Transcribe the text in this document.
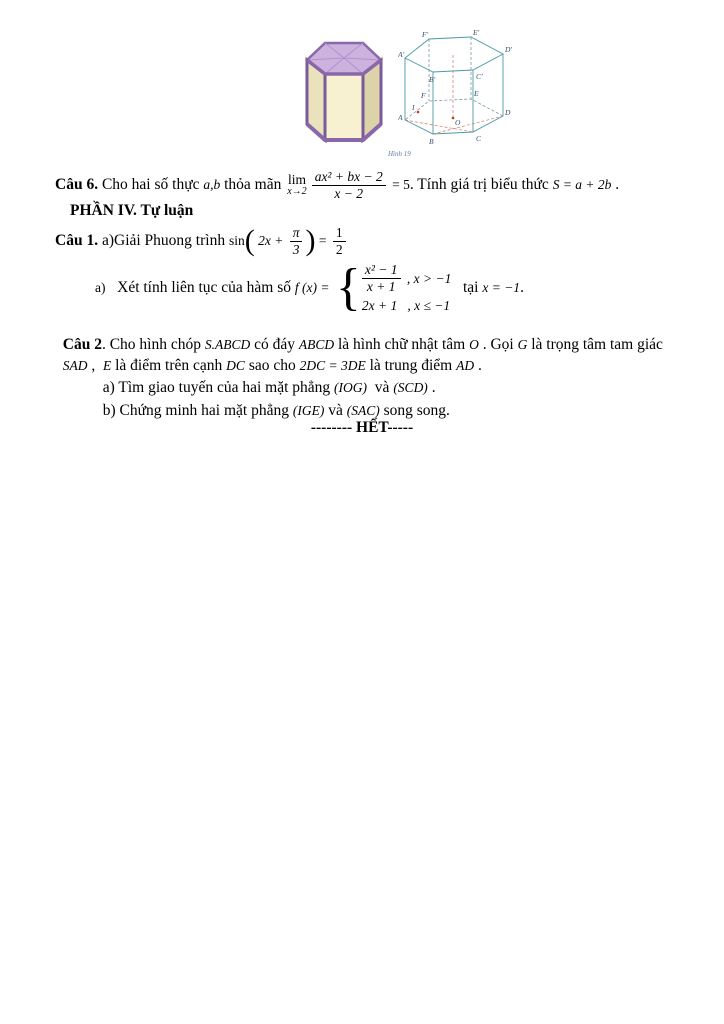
A′
B′	C′
D′
E′
F′
A
B	C
D
E
F
O
I
Hình 19
Câu 6. Cho hai số thực a,b thỏa mãn lim
$x\to 2 \frac{\text{ax² + bx − 2}}{x - 2} = 5$ . Tính giá trị biểu thức S = a + 2b .
PHẦN IV. Tự luận
Câu 1. a)Giải Phuong trình sin ( $2x + \frac{\pi}{3}$ ) = $\frac{1}{2}$
a) Xét tính liên tục của hàm số f (x) = { $\frac{\text{x² − 1}}{x + 1}$ , x > −1
2x + 1 , x ≤ −1
tại x = −1 .

Câu 2. Cho hình chóp S.ABCD có đáy ABCD là hình chữ nhật tâm O . Gọi G là trọng tâm tam giác

SAD ,  E là điểm trên cạnh DC sao cho 2DC = 3DE là trung điểm AD .

a) Tìm giao tuyến của hai mặt phẳng (IOG)  và (SCD) .

b) Chứng minh hai mặt phẳng (IGE) và (SAC) song song.

-------- HẾT-----
